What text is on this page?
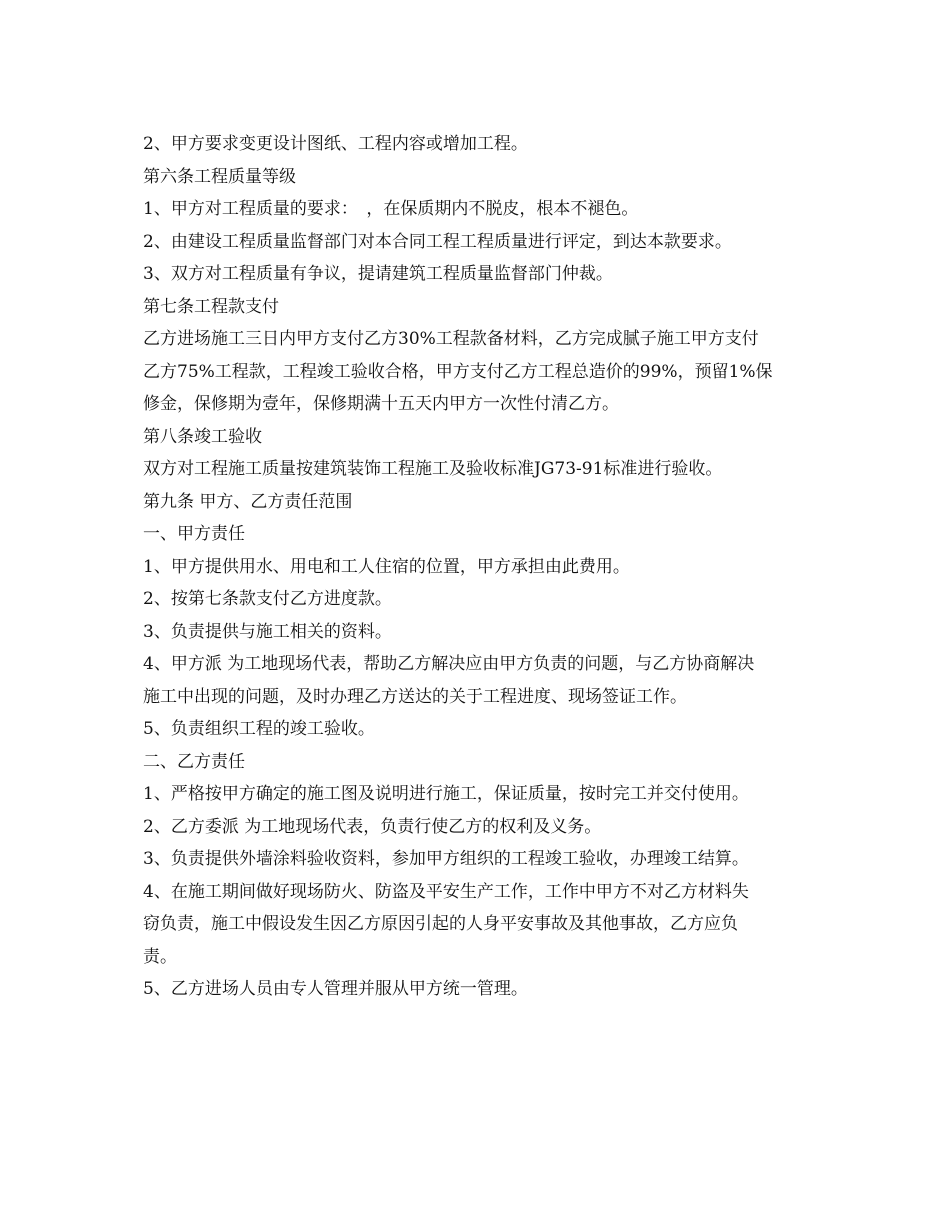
2、甲方要求变更设计图纸、工程内容或增加工程。
第六条工程质量等级
1、甲方对工程质量的要求：　，在保质期内不脱皮，根本不褪色。
2、由建设工程质量监督部门对本合同工程工程质量进行评定，到达本款要求。
3、双方对工程质量有争议，提请建筑工程质量监督部门仲裁。
第七条工程款支付
乙方进场施工三日内甲方支付乙方30%工程款备材料，乙方完成腻子施工甲方支付
乙方75%工程款，工程竣工验收合格，甲方支付乙方工程总造价的99%，预留1%保
修金，保修期为壹年，保修期满十五天内甲方一次性付清乙方。
第八条竣工验收
双方对工程施工质量按建筑装饰工程施工及验收标准JG73-91标准进行验收。
第九条 甲方、乙方责任范围
一、甲方责任
1、甲方提供用水、用电和工人住宿的位置，甲方承担由此费用。
2、按第七条款支付乙方进度款。
3、负责提供与施工相关的资料。
4、甲方派 为工地现场代表，帮助乙方解决应由甲方负责的问题，与乙方协商解决
施工中出现的问题，及时办理乙方送达的关于工程进度、现场签证工作。
5、负责组织工程的竣工验收。
二、乙方责任
1、严格按甲方确定的施工图及说明进行施工，保证质量，按时完工并交付使用。
2、乙方委派 为工地现场代表，负责行使乙方的权利及义务。
3、负责提供外墙涂料验收资料，参加甲方组织的工程竣工验收，办理竣工结算。
4、在施工期间做好现场防火、防盗及平安生产工作，工作中甲方不对乙方材料失
窃负责，施工中假设发生因乙方原因引起的人身平安事故及其他事故，乙方应负
责。
5、乙方进场人员由专人管理并服从甲方统一管理。
